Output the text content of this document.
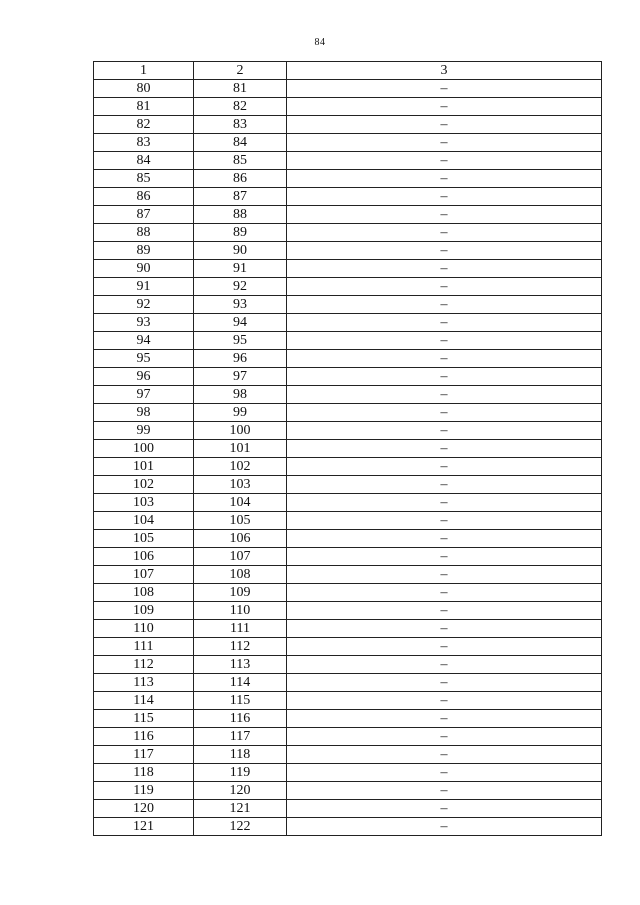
84
1	2	3
80	81	–
81	82	–
82	83	–
83	84	–
84	85	–
85	86	–
86	87	–
87	88	–
88	89	–
89	90	–
90	91	–
91	92	–
92	93	–
93	94	–
94	95	–
95	96	–
96	97	–
97	98	–
98	99	–
99	100	–
100	101	–
101	102	–
102	103	–
103	104	–
104	105	–
105	106	–
106	107	–
107	108	–
108	109	–
109	110	–
110	111	–
111	112	–
112	113	–
113	114	–
114	115	–
115	116	–
116	117	–
117	118	–
118	119	–
119	120	–
120	121	–
121	122	–
